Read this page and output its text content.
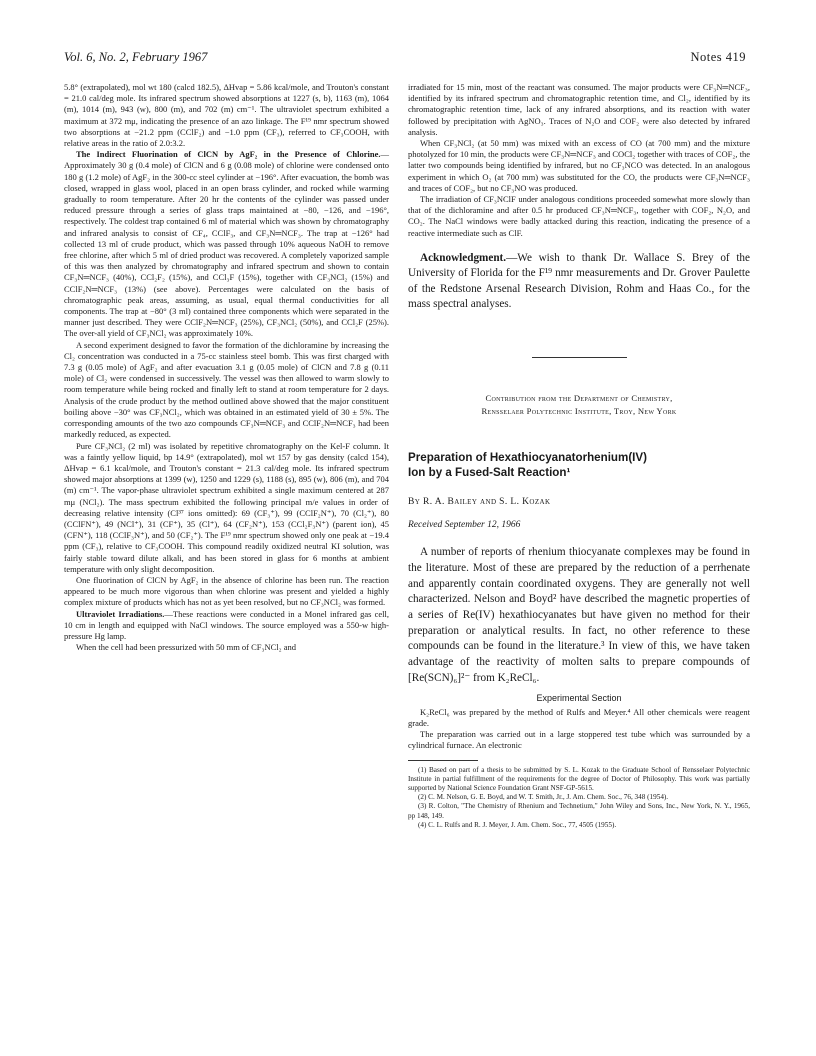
Vol. 6, No. 2, February 1967	Notes 419

5.8° (extrapolated), mol wt 180 (calcd 182.5), ΔHvap = 5.86 kcal/mole, and Trouton's constant = 21.0 cal/deg mole. Its infrared spectrum showed absorptions at 1227 (s, b), 1163 (m), 1064 (m), 1014 (m), 943 (w), 800 (m), and 702 (m) cm⁻¹. The ultraviolet spectrum exhibited a maximum at 372 mμ, indicating the presence of an azo linkage. The F¹⁹ nmr spectrum showed two absorptions at −21.2 ppm (CClF₂) and −1.0 ppm (CF₃), referred to CF₃COOH, with relative areas in the ratio of 2.0:3.2.

The Indirect Fluorination of ClCN by AgF₂ in the Presence of Chlorine.—Approximately 30 g (0.4 mole) of ClCN and 6 g (0.08 mole) of chlorine were condensed onto 180 g (1.2 mole) of AgF₂ in the 300-cc steel cylinder at −196°. After evacuation, the bomb was closed, wrapped in glass wool, placed in an open brass cylinder, and rocked while warming gradually to room temperature. After 20 hr the contents of the cylinder was passed under reduced pressure through a series of glass traps maintained at −80, −126, and −196°, respectively. The coldest trap contained 6 ml of material which was shown by chromatography and infrared analysis to consist of CF₄, CClF₃, and CF₃N═NCF₃. The trap at −126° had collected 13 ml of crude product, which was passed through 10% aqueous NaOH to remove free chlorine, after which 5 ml of dried product was recovered. A completely vaporized sample of this was then analyzed by chromatography and infrared spectrum and shown to contain CF₃N═NCF₃ (40%), CCl₂F₂ (15%), and CCl₃F (15%), together with CF₃NCl₂ (15%) and CClF₂N═NCF₃ (13%) (see above). Percentages were calculated on the basis of chromatographic peak areas, assuming, as usual, equal thermal conductivities for all components. The trap at −80° (3 ml) contained three components which were separated in the manner just described. They were CClF₂N═NCF₃ (25%), CF₃NCl₂ (50%), and CCl₂F (25%). The over-all yield of CF₃NCl₂ was approximately 10%.

A second experiment designed to favor the formation of the dichloramine by increasing the Cl₂ concentration was conducted in a 75-cc stainless steel bomb. This was first charged with 7.3 g (0.05 mole) of AgF₂ and after evacuation 3.1 g (0.05 mole) of ClCN and 7.8 g (0.11 mole) of Cl₂ were condensed in successively. The vessel was then allowed to warm slowly to room temperature while being rocked and finally left to stand at room temperature for 2 days. Analysis of the crude product by the method outlined above showed that the major constituent boiling above −30° was CF₃NCl₂, which was obtained in an estimated yield of 30 ± 5%. The corresponding amounts of the two azo compounds CF₃N═NCF₃ and CClF₂N═NCF₃ had been markedly reduced, as expected.

Pure CF₃NCl₂ (2 ml) was isolated by repetitive chromatography on the Kel-F column. It was a faintly yellow liquid, bp 14.9° (extrapolated), mol wt 157 by gas density (calcd 154), ΔHvap = 6.1 kcal/mole, and Trouton's constant = 21.3 cal/deg mole. Its infrared spectrum showed major absorptions at 1399 (w), 1250 and 1229 (s), 1188 (s), 895 (w), 806 (m), and 704 (m) cm⁻¹. The vapor-phase ultraviolet spectrum exhibited a single maximum centered at 287 mμ (NCl₂). The mass spectrum exhibited the following principal m/e values in order of decreasing relative intensity (Cl³⁷ ions omitted): 69 (CF₃⁺), 99 (CClF₂N⁺), 70 (Cl₂⁺), 80 (CClFN⁺), 49 (NCl⁺), 31 (CF⁺), 35 (Cl⁺), 64 (CF₂N⁺), 153 (CCl₂F₃N⁺) (parent ion), 45 (CFN⁺), 118 (CClF₃N⁺), and 50 (CF₂⁺). The F¹⁹ nmr spectrum showed only one peak at −19.4 ppm (CF₃), relative to CF₃COOH. This compound readily oxidized neutral KI solution, was fairly stable toward dilute alkali, and has been stored in glass for 6 months at ambient temperature with only slight decomposition.

One fluorination of ClCN by AgF₂ in the absence of chlorine has been run. The reaction appeared to be much more vigorous than when chlorine was present and yielded a highly complex mixture of products which has not as yet been resolved, but no CF₃NCl₂ was formed.

Ultraviolet Irradiations.—These reactions were conducted in a Monel infrared gas cell, 10 cm in length and equipped with NaCl windows. The source employed was a 550-w high-pressure Hg lamp.

When the cell had been pressurized with 50 mm of CF₃NCl₂ and

irradiated for 15 min, most of the reactant was consumed. The major products were CF₃N═NCF₃, identified by its infrared spectrum and chromatographic retention time, and Cl₂, identified by its chromatographic retention time, lack of any infrared absorptions, and its reaction with water followed by precipitation with AgNO₃. Traces of N₂O and COF₂ were also detected by infrared analysis.

When CF₃NCl₂ (at 50 mm) was mixed with an excess of CO (at 700 mm) and the mixture photolyzed for 10 min, the products were CF₃N═NCF₃ and COCl₂ together with traces of COF₂, the latter two compounds being identified by infrared, but no CF₃NCO was detected. In an analogous experiment in which O₂ (at 700 mm) was substituted for the CO, the products were CF₃N═NCF₃ and traces of COF₂, but no CF₃NO was produced.

The irradiation of CF₃NClF under analogous conditions proceeded somewhat more slowly than that of the dichloramine and after 0.5 hr produced CF₃N═NCF₃, together with COF₂, N₂O, and CO₂. The NaCl windows were badly attacked during this reaction, indicating the presence of a reactive intermediate such as ClF.

Acknowledgment.—We wish to thank Dr. Wallace S. Brey of the University of Florida for the F¹⁹ nmr measurements and Dr. Grover Paulette of the Redstone Arsenal Research Division, Rohm and Haas Co., for the mass spectral analyses.

Contribution from the Department of Chemistry,
Rensselaer Polytechnic Institute, Troy, New York
Preparation of Hexathiocyanatorhenium(IV)
Ion by a Fused-Salt Reaction¹
By R. A. Bailey and S. L. Kozak
Received September 12, 1966

A number of reports of rhenium thiocyanate complexes may be found in the literature. Most of these are prepared by the reduction of a perrhenate and apparently contain coordinated oxygens. They are generally not well characterized. Nelson and Boyd² have described the magnetic properties of a series of Re(IV) hexathiocyanates but have given no method for their preparation or analytical results. In fact, no other reference to these compounds can be found in the literature.³ In view of this, we have taken advantage of the reactivity of molten salts to prepare compounds of [Re(SCN)₆]²⁻ from K₂ReCl₆.

Experimental Section

K₂ReCl₆ was prepared by the method of Rulfs and Meyer.⁴ All other chemicals were reagent grade.

The preparation was carried out in a large stoppered test tube which was surrounded by a cylindrical furnace. An electronic

(1) Based on part of a thesis to be submitted by S. L. Kozak to the Graduate School of Rensselaer Polytechnic Institute in partial fulfillment of the requirements for the degree of Doctor of Philosophy. This work was partially supported by National Science Foundation Grant NSF-GP-5615.

(2) C. M. Nelson, G. E. Boyd, and W. T. Smith, Jr., J. Am. Chem. Soc., 76, 348 (1954).

(3) R. Colton, "The Chemistry of Rhenium and Technetium," John Wiley and Sons, Inc., New York, N. Y., 1965, pp 148, 149.

(4) C. L. Rulfs and R. J. Meyer, J. Am. Chem. Soc., 77, 4505 (1955).
